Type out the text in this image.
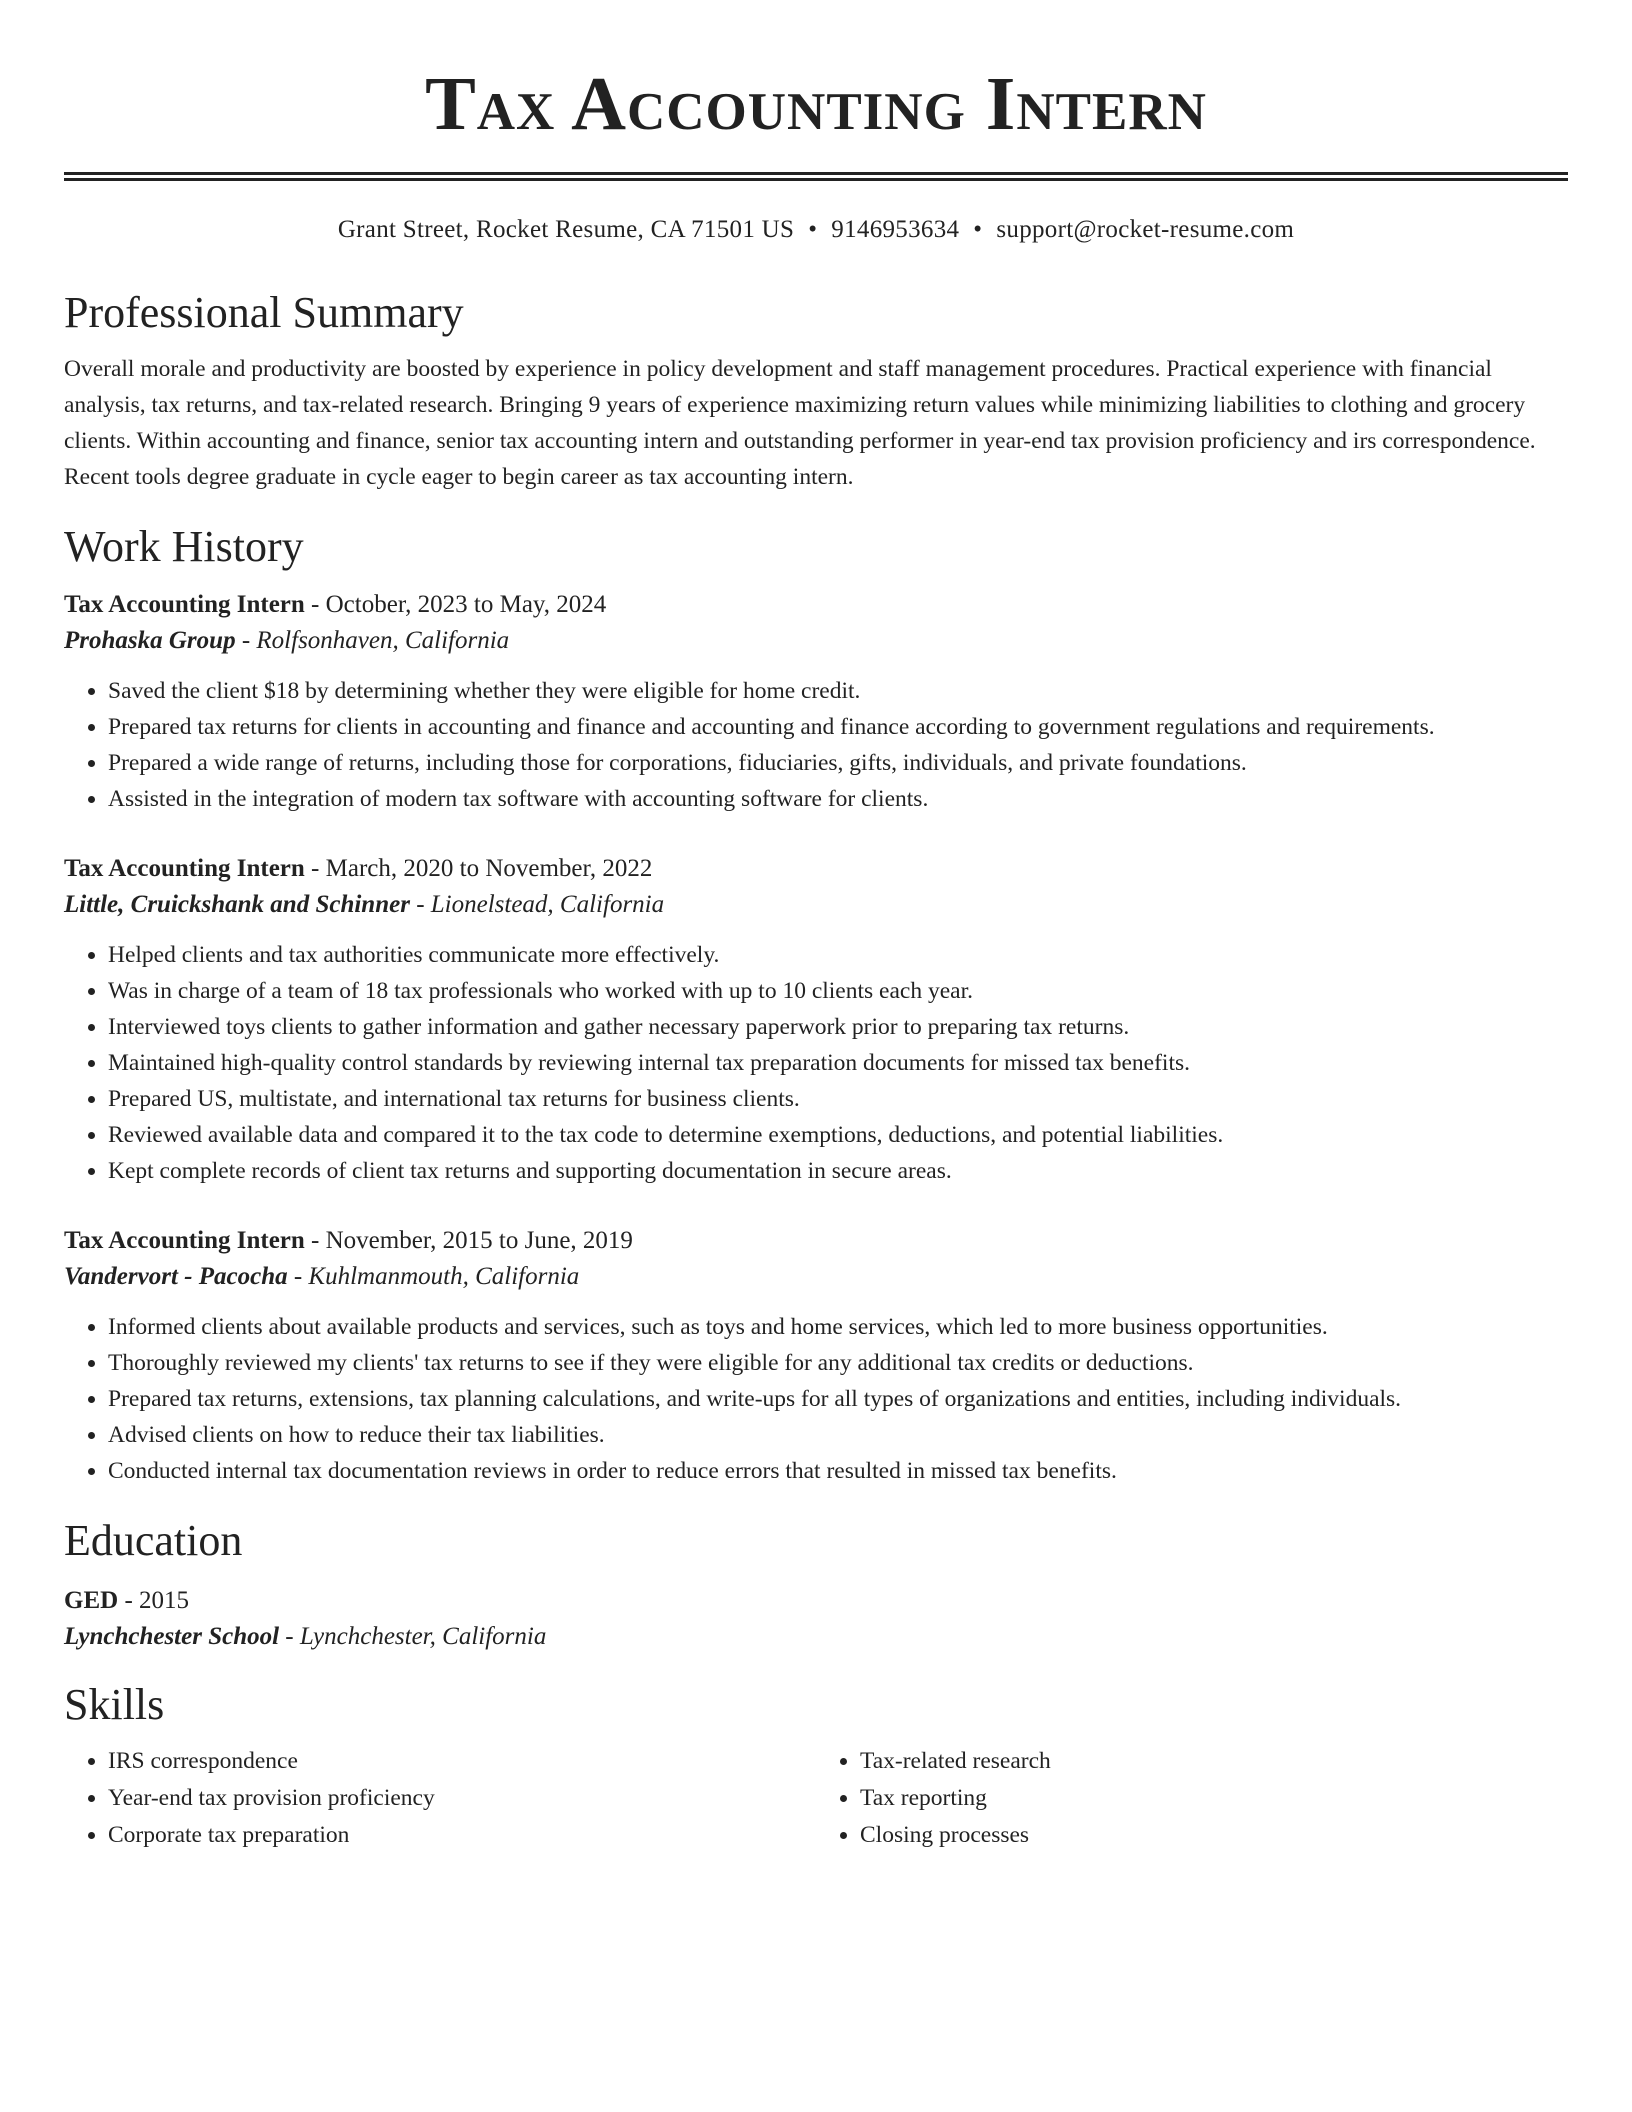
Tax Accounting Intern
Grant Street, Rocket Resume, CA 71501 US • 9146953634 • support@rocket-resume.com
Professional Summary

Overall morale and productivity are boosted by experience in policy development and staff management procedures. Practical experience with financial analysis, tax returns, and tax-related research. Bringing 9 years of experience maximizing return values while minimizing liabilities to clothing and grocery clients. Within accounting and finance, senior tax accounting intern and outstanding performer in year-end tax provision proficiency and irs correspondence. Recent tools degree graduate in cycle eager to begin career as tax accounting intern.

Work History
Tax Accounting Intern - October, 2023 to May, 2024
Prohaska Group - Rolfsonhaven, California
• Saved the client $18 by determining whether they were eligible for home credit.
• Prepared tax returns for clients in accounting and finance and accounting and finance according to government regulations and requirements.
• Prepared a wide range of returns, including those for corporations, fiduciaries, gifts, individuals, and private foundations.
• Assisted in the integration of modern tax software with accounting software for clients.
Tax Accounting Intern - March, 2020 to November, 2022
Little, Cruickshank and Schinner - Lionelstead, California
• Helped clients and tax authorities communicate more effectively.
• Was in charge of a team of 18 tax professionals who worked with up to 10 clients each year.
• Interviewed toys clients to gather information and gather necessary paperwork prior to preparing tax returns.
• Maintained high-quality control standards by reviewing internal tax preparation documents for missed tax benefits.
• Prepared US, multistate, and international tax returns for business clients.
• Reviewed available data and compared it to the tax code to determine exemptions, deductions, and potential liabilities.
• Kept complete records of client tax returns and supporting documentation in secure areas.
Tax Accounting Intern - November, 2015 to June, 2019
Vandervort - Pacocha - Kuhlmanmouth, California
• Informed clients about available products and services, such as toys and home services, which led to more business opportunities.
• Thoroughly reviewed my clients' tax returns to see if they were eligible for any additional tax credits or deductions.
• Prepared tax returns, extensions, tax planning calculations, and write-ups for all types of organizations and entities, including individuals.
• Advised clients on how to reduce their tax liabilities.
• Conducted internal tax documentation reviews in order to reduce errors that resulted in missed tax benefits.
Education
GED - 2015
Lynchchester School - Lynchchester, California
Skills
• IRS correspondence
• Year-end tax provision proficiency
• Corporate tax preparation
• Tax-related research
• Tax reporting
• Closing processes
